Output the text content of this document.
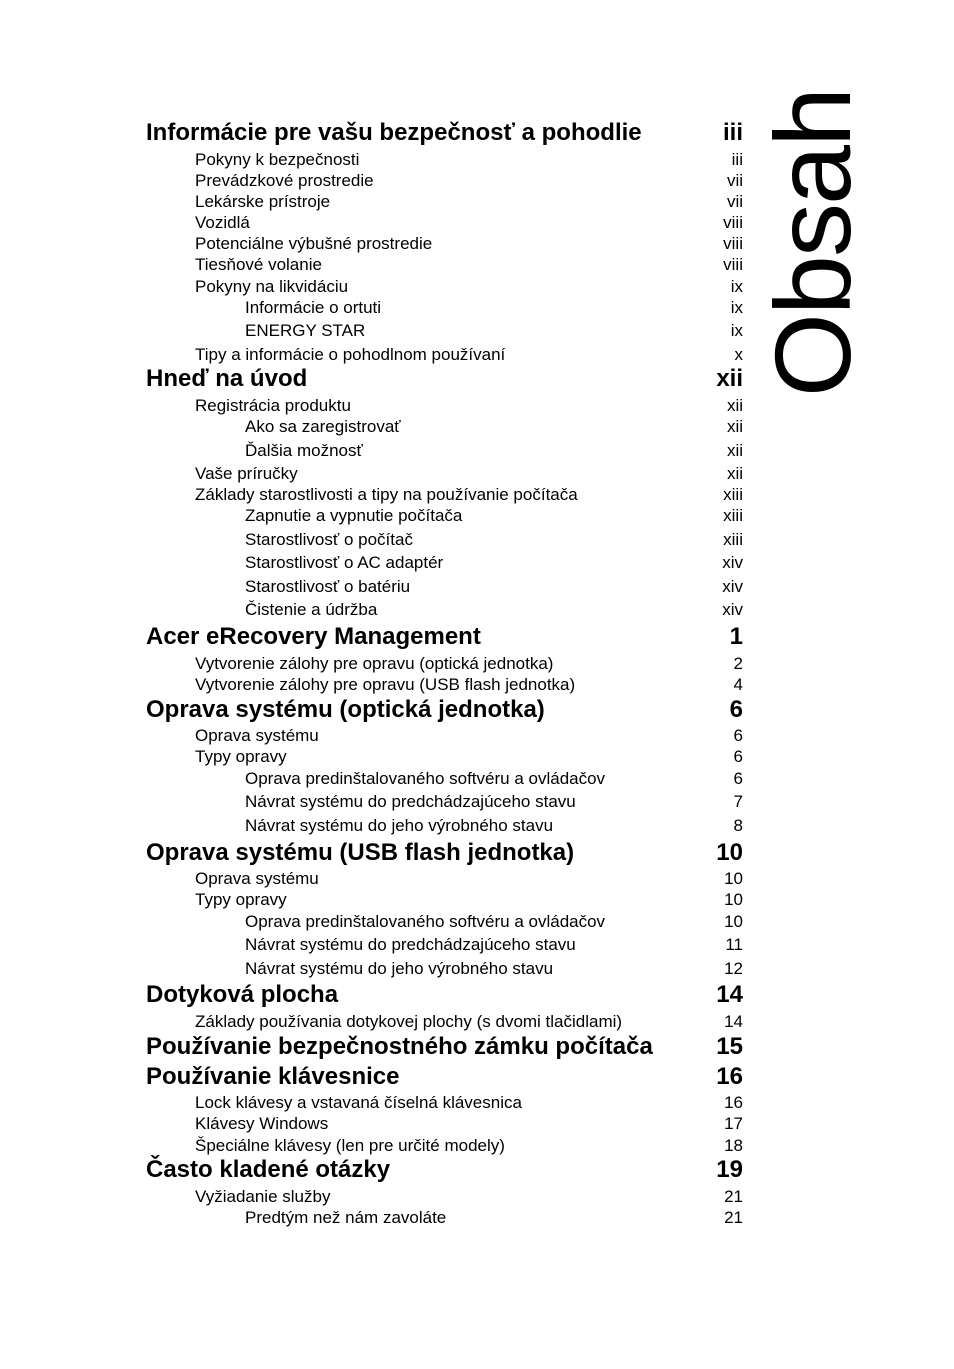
Obsah
Informácie pre vašu bezpečnosť a pohodlie	iii
Pokyny k bezpečnosti	iii
Prevádzkové prostredie	vii
Lekárske prístroje	vii
Vozidlá	viii
Potenciálne výbušné prostredie	viii
Tiesňové volanie	viii
Pokyny na likvidáciu	ix
Informácie o ortuti	ix
ENERGY STAR	ix
Tipy a informácie o pohodlnom používaní	x
Hneď na úvod	xii
Registrácia produktu	xii
Ako sa zaregistrovať	xii
Ďalšia možnosť	xii
Vaše príručky	xii
Základy starostlivosti a tipy na používanie počítača	xiii
Zapnutie a vypnutie počítača	xiii
Starostlivosť o počítač	xiii
Starostlivosť o AC adaptér	xiv
Starostlivosť o batériu	xiv
Čistenie a údržba	xiv
Acer eRecovery Management	1
Vytvorenie zálohy pre opravu (optická jednotka)	2
Vytvorenie zálohy pre opravu (USB flash jednotka)	4
Oprava systému (optická jednotka)	6
Oprava systému	6
Typy opravy	6
Oprava predinštalovaného softvéru a ovládačov	6
Návrat systému do predchádzajúceho stavu	7
Návrat systému do jeho výrobného stavu	8
Oprava systému (USB flash jednotka)	10
Oprava systému	10
Typy opravy	10
Oprava predinštalovaného softvéru a ovládačov	10
Návrat systému do predchádzajúceho stavu	11
Návrat systému do jeho výrobného stavu	12
Dotyková plocha	14
Základy používania dotykovej plochy (s dvomi tlačidlami)	14
Používanie bezpečnostného zámku počítača	15
Používanie klávesnice	16
Lock klávesy a vstavaná číselná klávesnica	16
Klávesy Windows	17
Špeciálne klávesy (len pre určité modely)	18
Často kladené otázky	19
Vyžiadanie služby	21
Predtým než nám zavoláte	21
